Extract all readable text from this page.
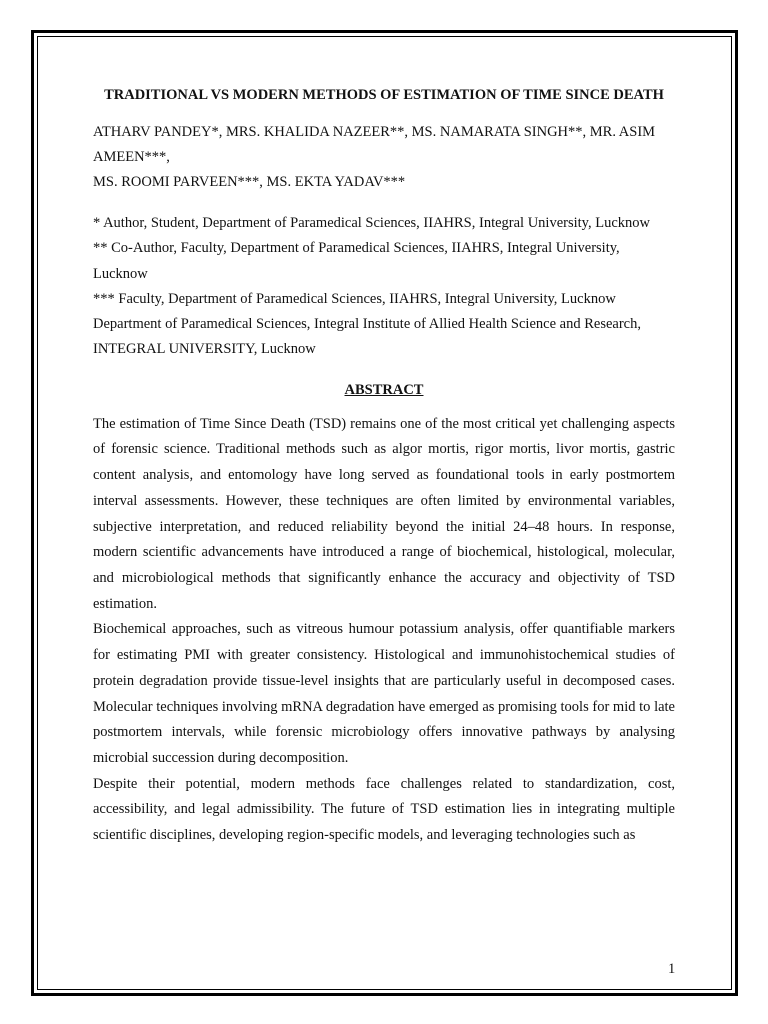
TRADITIONAL VS MODERN METHODS OF ESTIMATION OF TIME SINCE DEATH
ATHARV PANDEY*, MRS. KHALIDA NAZEER**, MS. NAMARATA SINGH**, MR. ASIM AMEEN***,
MS. ROOMI PARVEEN***, MS. EKTA YADAV***
* Author, Student, Department of Paramedical Sciences, IIAHRS, Integral University, Lucknow
** Co-Author, Faculty, Department of Paramedical Sciences, IIAHRS, Integral University, Lucknow
*** Faculty, Department of Paramedical Sciences, IIAHRS, Integral University, Lucknow
Department of Paramedical Sciences, Integral Institute of Allied Health Science and Research,
INTEGRAL UNIVERSITY, Lucknow
ABSTRACT

The estimation of Time Since Death (TSD) remains one of the most critical yet challenging aspects of forensic science. Traditional methods such as algor mortis, rigor mortis, livor mortis, gastric content analysis, and entomology have long served as foundational tools in early postmortem interval assessments. However, these techniques are often limited by environmental variables, subjective interpretation, and reduced reliability beyond the initial 24–48 hours. In response, modern scientific advancements have introduced a range of biochemical, histological, molecular, and microbiological methods that significantly enhance the accuracy and objectivity of TSD estimation.

Biochemical approaches, such as vitreous humour potassium analysis, offer quantifiable markers for estimating PMI with greater consistency. Histological and immunohistochemical studies of protein degradation provide tissue-level insights that are particularly useful in decomposed cases. Molecular techniques involving mRNA degradation have emerged as promising tools for mid to late postmortem intervals, while forensic microbiology offers innovative pathways by analysing microbial succession during decomposition.

Despite their potential, modern methods face challenges related to standardization, cost, accessibility, and legal admissibility. The future of TSD estimation lies in integrating multiple scientific disciplines, developing region-specific models, and leveraging technologies such as

1
